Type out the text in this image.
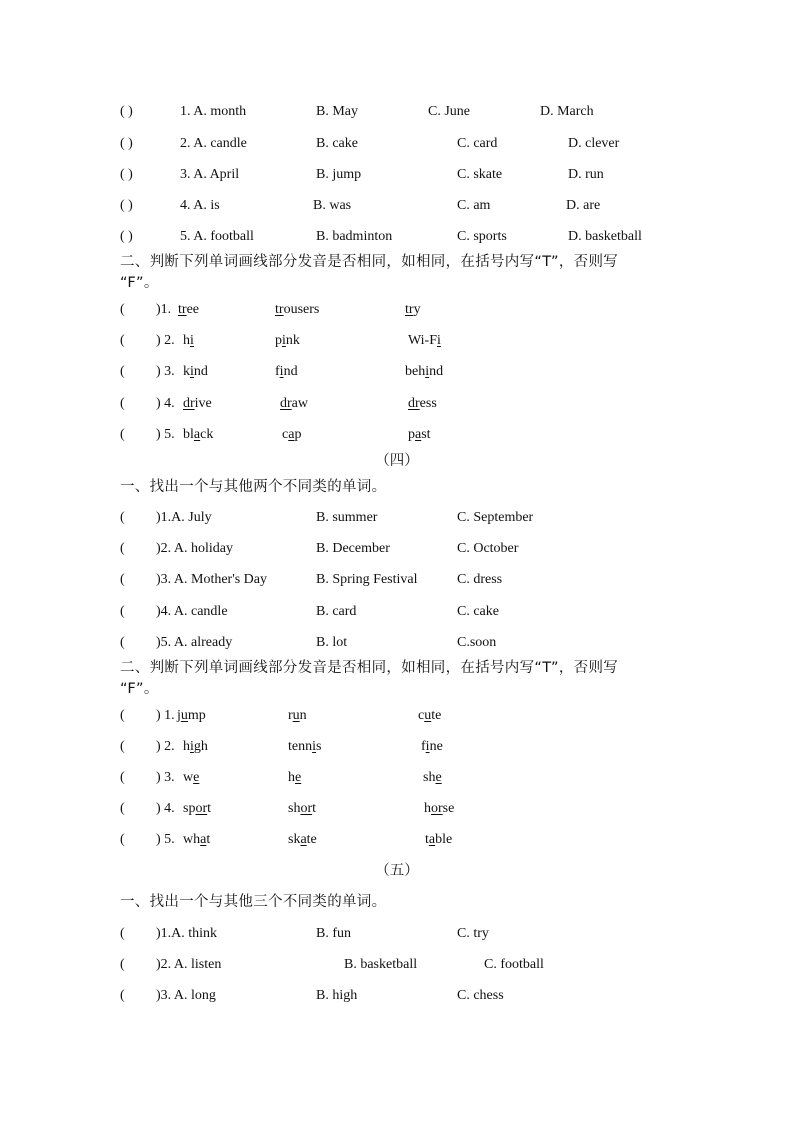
( )	1. A. month	B. May	C. June	D. March
( )	2. A. candle	B. cake	C. card	D. clever
( )	3. A. April	B. jump	C. skate	D. run
( )	4. A. is	B. was	C. am	D. are
( )	5. A. football	B. badminton	C. sports	D. basketball
二、判断下列单词画线部分发音是否相同，如相同，在括号内写“T”，否则写
“F”。
( )1. tree	trousers	try
( ) 2. hi	pink	Wi-Fi
( ) 3. kind	find	behind
( ) 4. drive	draw	dress
( ) 5. black	cap	past
（四）
一、找出一个与其他两个不同类的单词。
( )1.A. July	B. summer	C. September
( )2. A. holiday	B. December	C. October
( )3. A. Mother's Day	B. Spring Festival	C. dress
( )4. A. candle	B. card	C. cake
( )5. A. already	B. lot	C.soon
二、判断下列单词画线部分发音是否相同，如相同，在括号内写“T”，否则写
“F”。
( ) 1. jump	run	cute
( ) 2. high	tennis	fine
( ) 3. we	he	she
( ) 4. sport	short	horse
( ) 5. what	skate	table
（五）
一、找出一个与其他三个不同类的单词。
( )1.A. think	B. fun	C. try
( )2. A. listen	B. basketball	C. football
( )3. A. long	B. high	C. chess
